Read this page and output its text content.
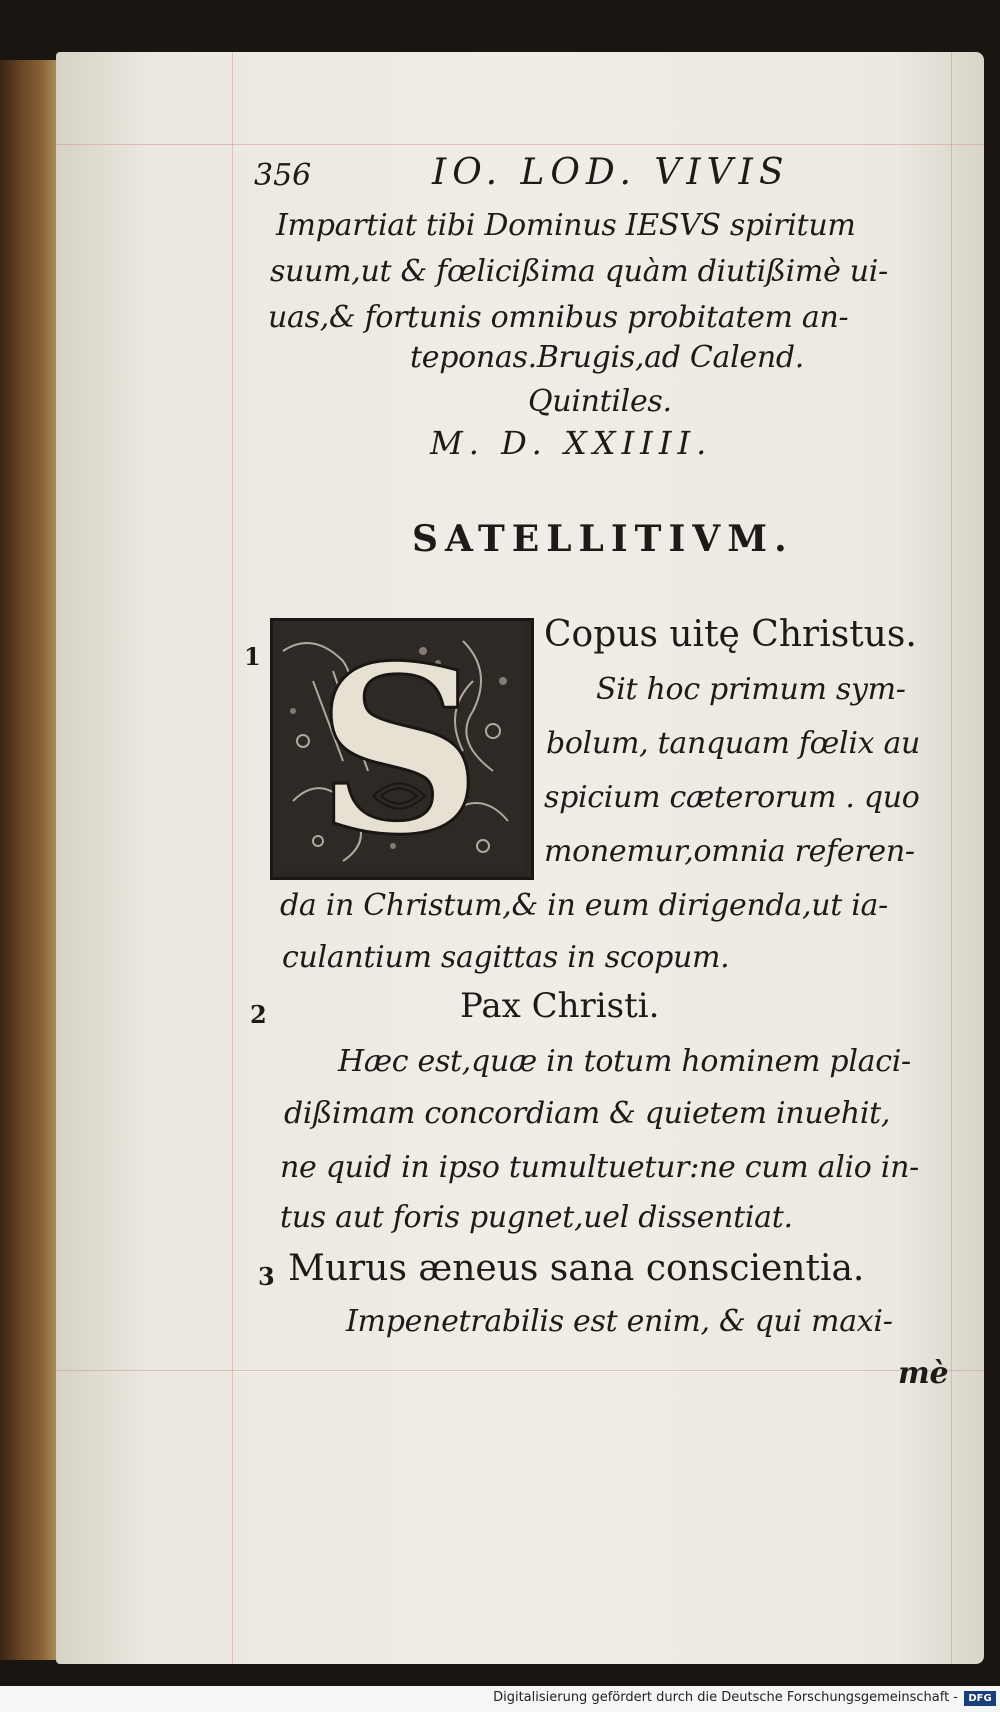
356	IO. LOD. VIVIS
Impartiat tibi Dominus IESVS spiritum
suum,ut & fœlicißima quàm diutißimè ui-
uas,& fortunis omnibus probitatem an-
teponas.Brugis,ad Calend.
Quintiles.
M. D. XXIIII.
SATELLITIVM.
1 S Copus uitę Christus.
Sit hoc primum sym-
bolum, tanquam fœlix au
spicium cæterorum . quo
monemur,omnia referen-
da in Christum,& in eum dirigenda,ut ia-
culantium sagittas in scopum.
2	Pax Christi.
Hæc est,quæ in totum hominem placi-
dißimam concordiam & quietem inuehit,
ne quid in ipso tumultuetur:ne cum alio in-
tus aut foris pugnet,uel dissentiat.
3 Murus æneus sana conscientia.
Impenetrabilis est enim, & qui maxi-
mè
Digitalisierung gefördert durch die Deutsche Forschungsgemeinschaft -	DFG
